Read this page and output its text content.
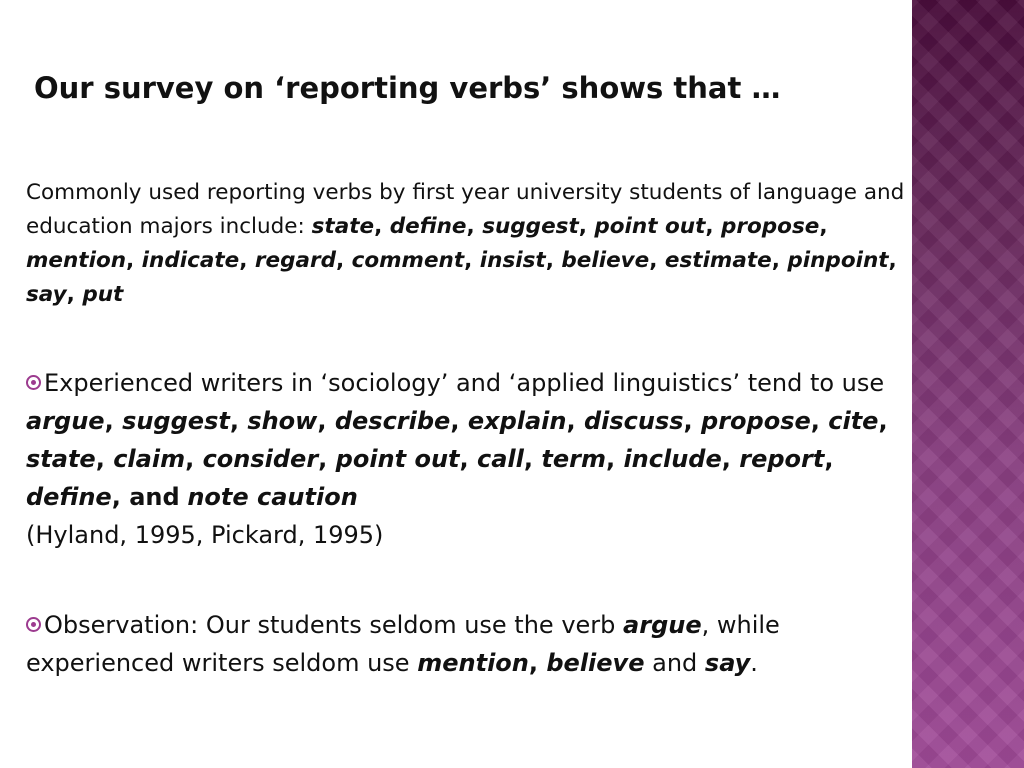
Our survey on ‘reporting verbs’ shows that …
Commonly used reporting verbs by first year university students of language and education majors include: state, define, suggest, point out, propose, mention, indicate, regard, comment, insist, believe, estimate, pinpoint, say, put
Experienced writers in ‘sociology’ and ‘applied linguistics’ tend to use argue, suggest, show, describe, explain, discuss, propose, cite, state, claim, consider, point out, call, term, include, report, define, and note caution
(Hyland, 1995, Pickard, 1995)
Observation: Our students seldom use the verb argue, while experienced writers seldom use mention, believe and say.
